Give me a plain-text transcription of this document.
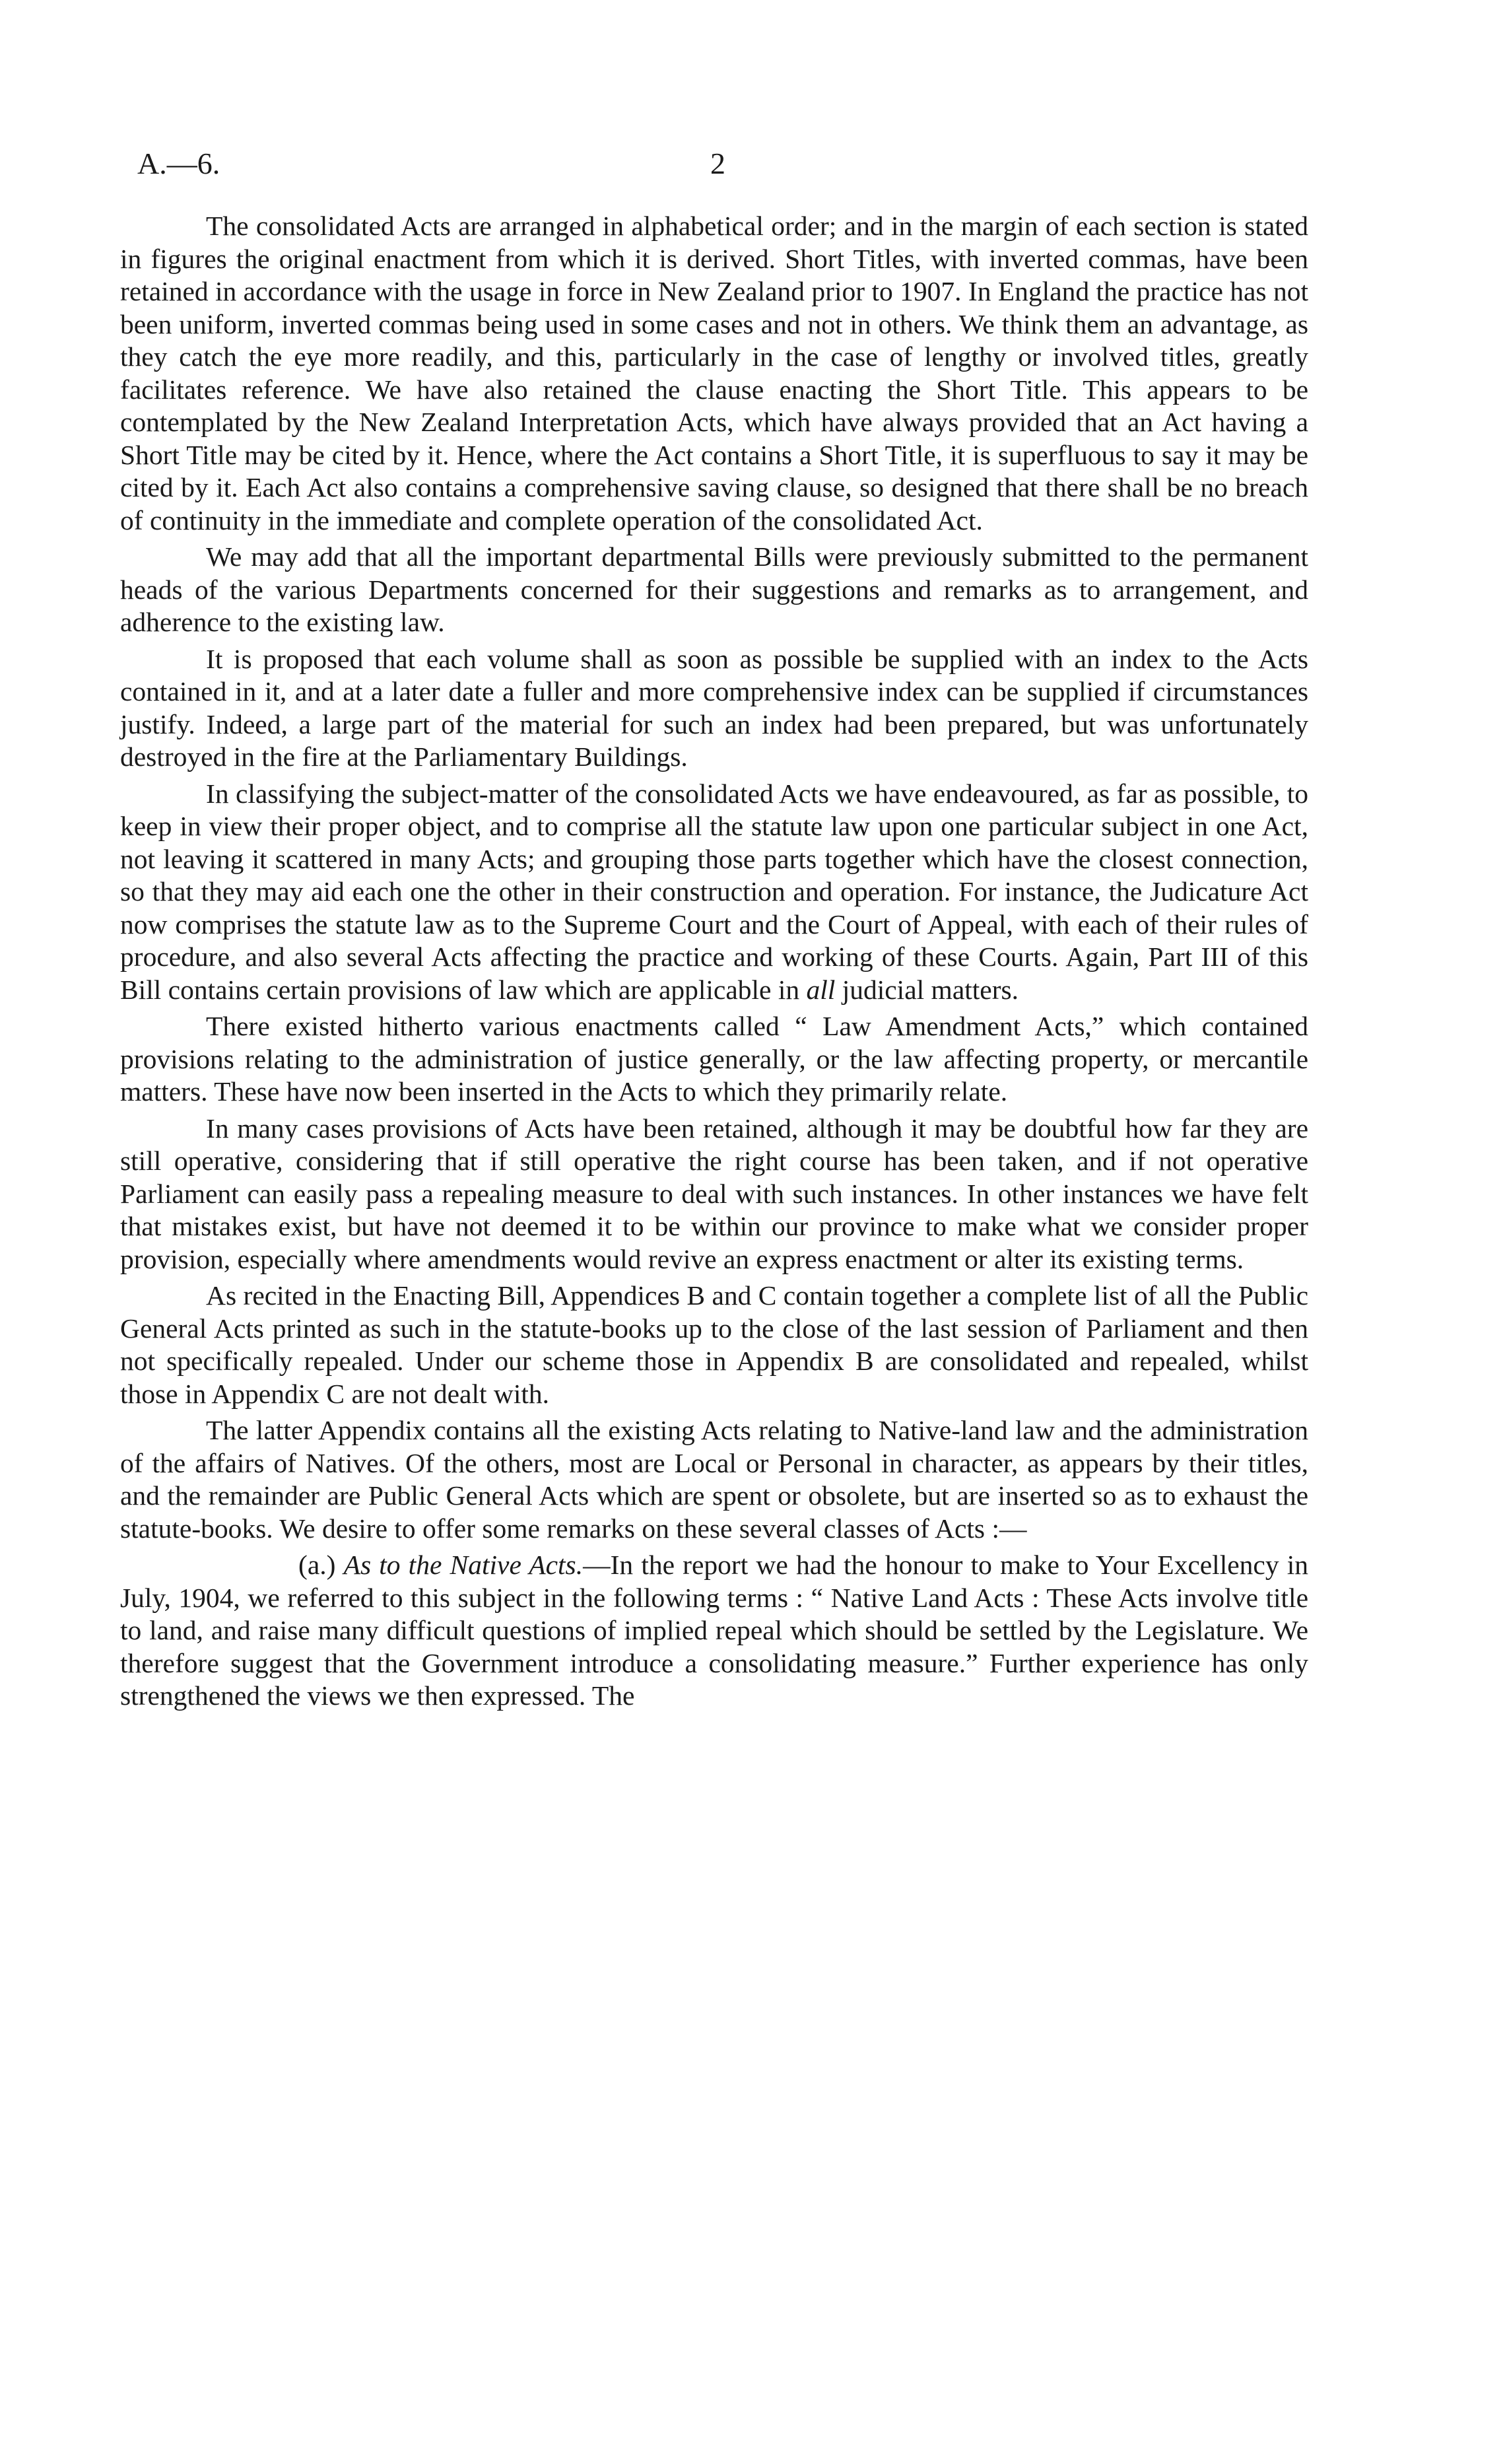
A.—6.	2

The consolidated Acts are arranged in alphabetical order; and in the margin of each section is stated in figures the original enactment from which it is derived. Short Titles, with inverted commas, have been retained in accordance with the usage in force in New Zealand prior to 1907. In England the practice has not been uniform, inverted commas being used in some cases and not in others. We think them an advantage, as they catch the eye more readily, and this, particularly in the case of lengthy or involved titles, greatly facilitates reference. We have also retained the clause enacting the Short Title. This appears to be contemplated by the New Zealand Interpretation Acts, which have always provided that an Act having a Short Title may be cited by it. Hence, where the Act contains a Short Title, it is superfluous to say it may be cited by it. Each Act also contains a comprehensive saving clause, so designed that there shall be no breach of continuity in the immediate and complete operation of the consolidated Act.

We may add that all the important departmental Bills were previously submitted to the permanent heads of the various Departments concerned for their suggestions and remarks as to arrangement, and adherence to the existing law.

It is proposed that each volume shall as soon as possible be supplied with an index to the Acts contained in it, and at a later date a fuller and more comprehensive index can be supplied if circumstances justify. Indeed, a large part of the material for such an index had been prepared, but was unfortunately destroyed in the fire at the Parliamentary Buildings.

In classifying the subject-matter of the consolidated Acts we have endeavoured, as far as possible, to keep in view their proper object, and to comprise all the statute law upon one particular subject in one Act, not leaving it scattered in many Acts; and grouping those parts together which have the closest connection, so that they may aid each one the other in their construction and operation. For instance, the Judicature Act now comprises the statute law as to the Supreme Court and the Court of Appeal, with each of their rules of procedure, and also several Acts affecting the practice and working of these Courts. Again, Part III of this Bill contains certain provisions of law which are applicable in all judicial matters.

There existed hitherto various enactments called “ Law Amendment Acts,” which contained provisions relating to the administration of justice generally, or the law affecting property, or mercantile matters. These have now been inserted in the Acts to which they primarily relate.

In many cases provisions of Acts have been retained, although it may be doubtful how far they are still operative, considering that if still operative the right course has been taken, and if not operative Parliament can easily pass a repealing measure to deal with such instances. In other instances we have felt that mistakes exist, but have not deemed it to be within our province to make what we consider proper provision, especially where amendments would revive an express enactment or alter its existing terms.

As recited in the Enacting Bill, Appendices B and C contain together a complete list of all the Public General Acts printed as such in the statute-books up to the close of the last session of Parliament and then not specifically repealed. Under our scheme those in Appendix B are consolidated and repealed, whilst those in Appendix C are not dealt with.

The latter Appendix contains all the existing Acts relating to Native-land law and the administration of the affairs of Natives. Of the others, most are Local or Personal in character, as appears by their titles, and the remainder are Public General Acts which are spent or obsolete, but are inserted so as to exhaust the statute-books. We desire to offer some remarks on these several classes of Acts :—

(a.) As to the Native Acts.—In the report we had the honour to make to Your Excellency in July, 1904, we referred to this subject in the following terms : “ Native Land Acts : These Acts involve title to land, and raise many difficult questions of implied repeal which should be settled by the Legislature. We therefore suggest that the Government introduce a consolidating measure.” Further experience has only strengthened the views we then expressed. The
